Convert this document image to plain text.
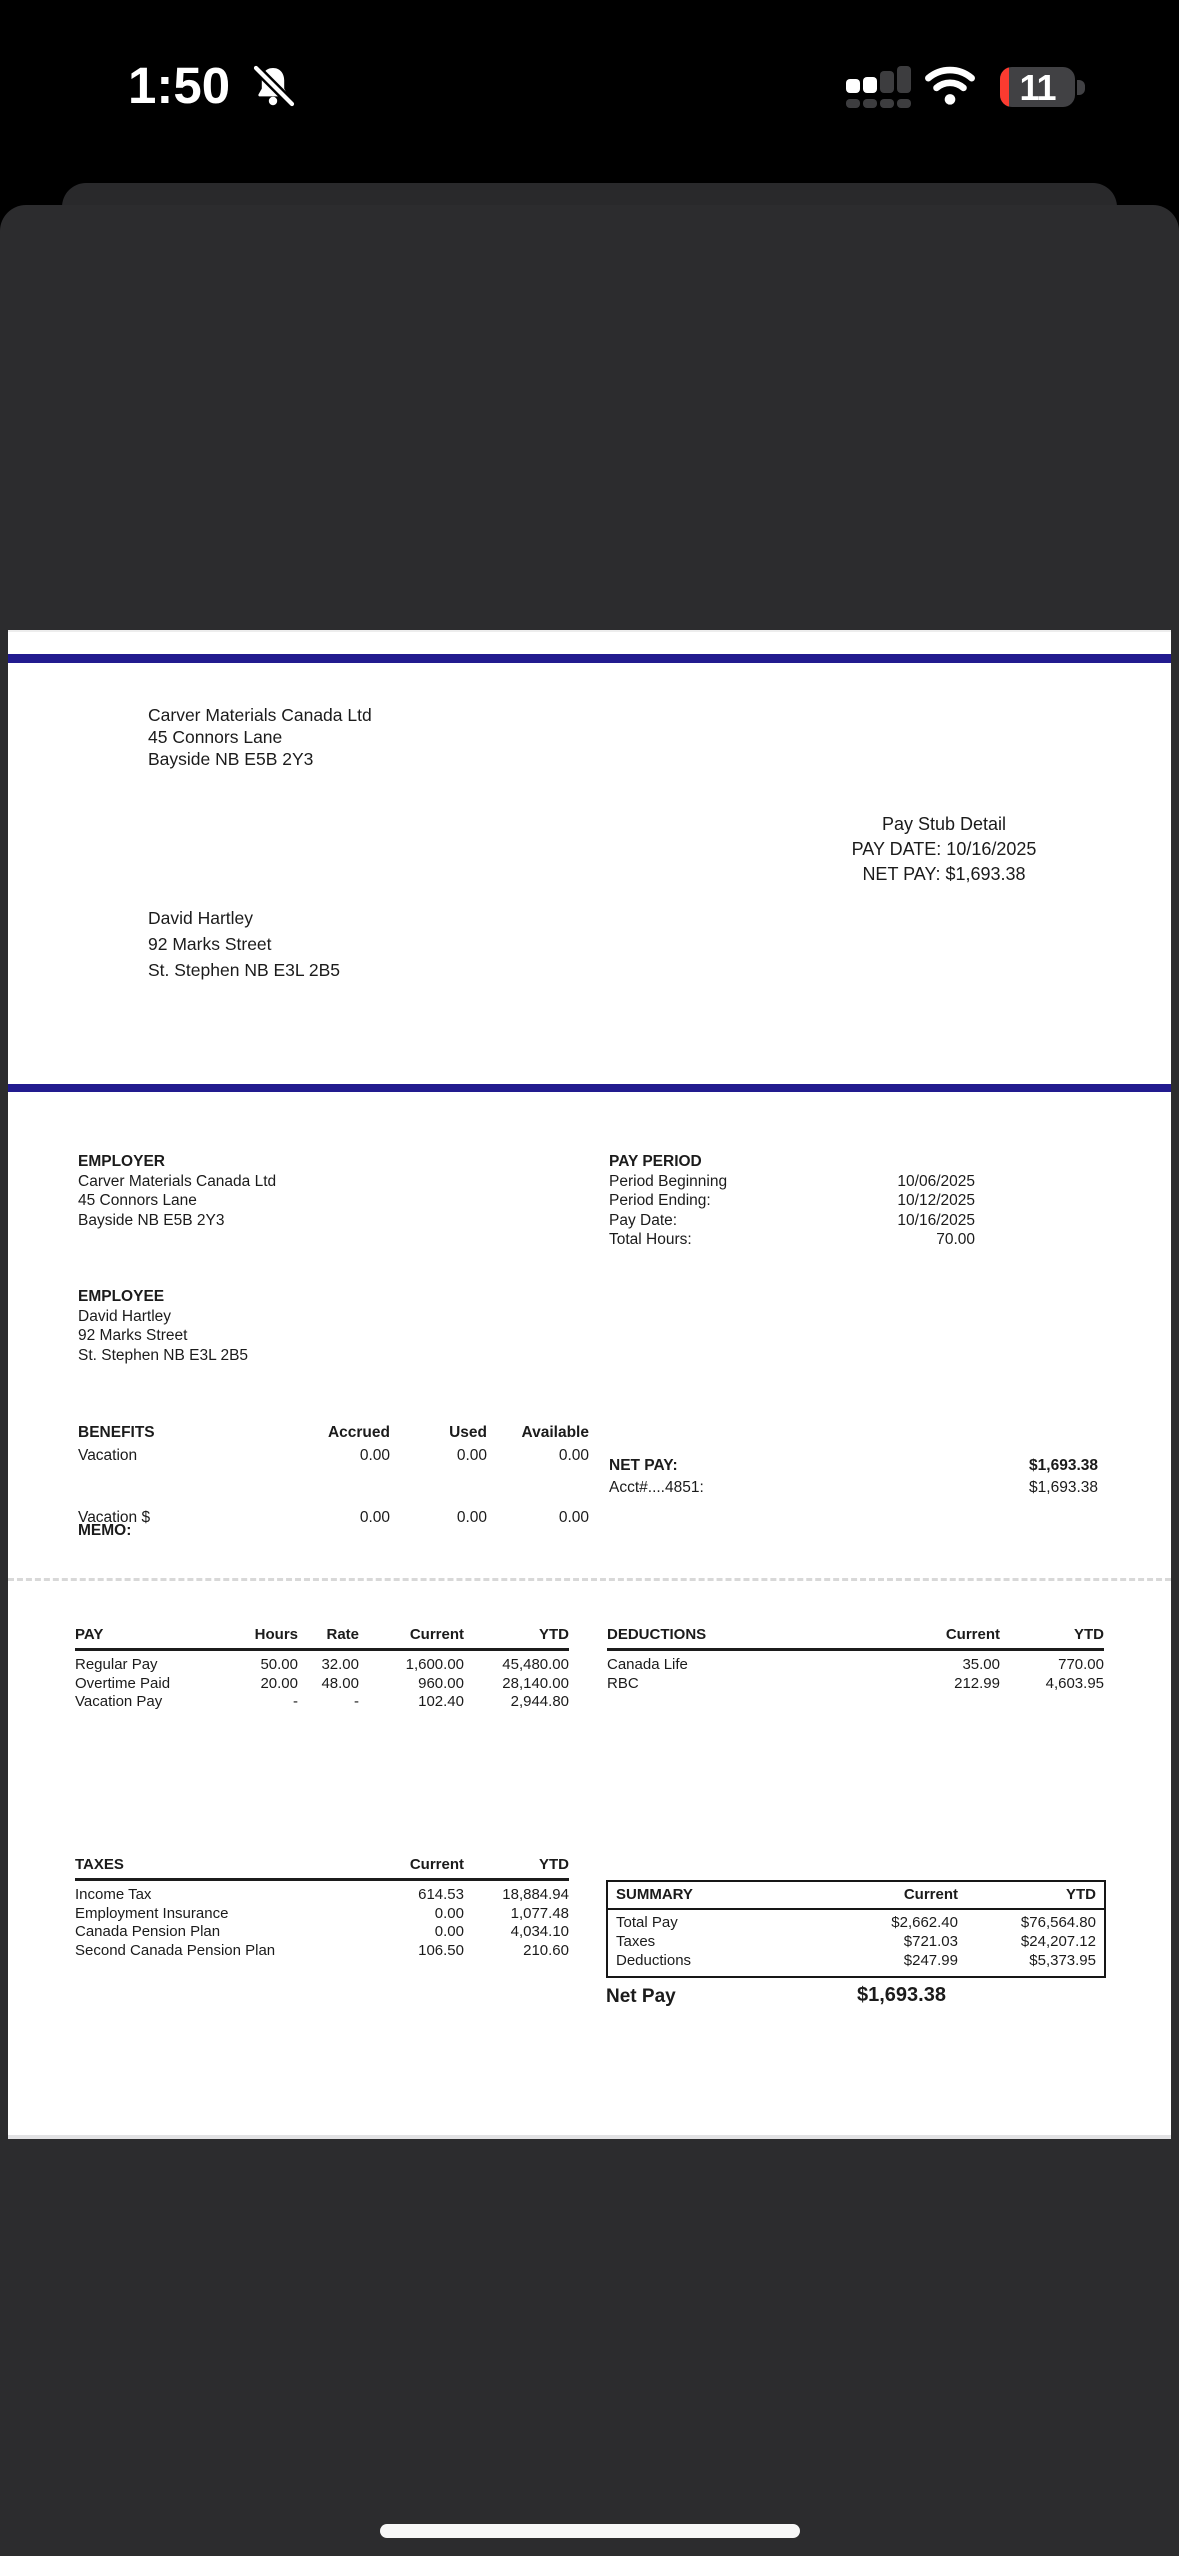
1:50	11
Carver Materials Canada Ltd
45 Connors Lane
Bayside NB E5B 2Y3
Pay Stub Detail
PAY DATE: 10/16/2025
NET PAY: $1,693.38
David Hartley
92 Marks Street
St. Stephen NB E3L 2B5
EMPLOYER
Carver Materials Canada Ltd
45 Connors Lane
Bayside NB E5B 2Y3
PAY PERIOD
Period Beginning	10/06/2025
Period Ending:	10/12/2025
Pay Date:	10/16/2025
Total Hours:	70.00
EMPLOYEE
David Hartley
92 Marks Street
St. Stephen NB E3L 2B5
BENEFITS	Accrued	Used	Available
Vacation	0.00	0.00	0.00
Vacation $	0.00	0.00	0.00
MEMO:
NET PAY:	$1,693.38
Acct#....4851:	$1,693.38
PAY	Hours	Rate	Current	YTD
Regular Pay	50.00	32.00	1,600.00	45,480.00
Overtime Paid	20.00	48.00	960.00	28,140.00
Vacation Pay	-	-	102.40	2,944.80
DEDUCTIONS	Current	YTD
Canada Life	35.00	770.00
RBC	212.99	4,603.95
TAXES	Current	YTD
Income Tax	614.53	18,884.94
Employment Insurance	0.00	1,077.48
Canada Pension Plan	0.00	4,034.10
Second Canada Pension Plan	106.50	210.60
SUMMARY	Current	YTD
Total Pay	$2,662.40	$76,564.80
Taxes	$721.03	$24,207.12
Deductions	$247.99	$5,373.95
Net Pay	$1,693.38
